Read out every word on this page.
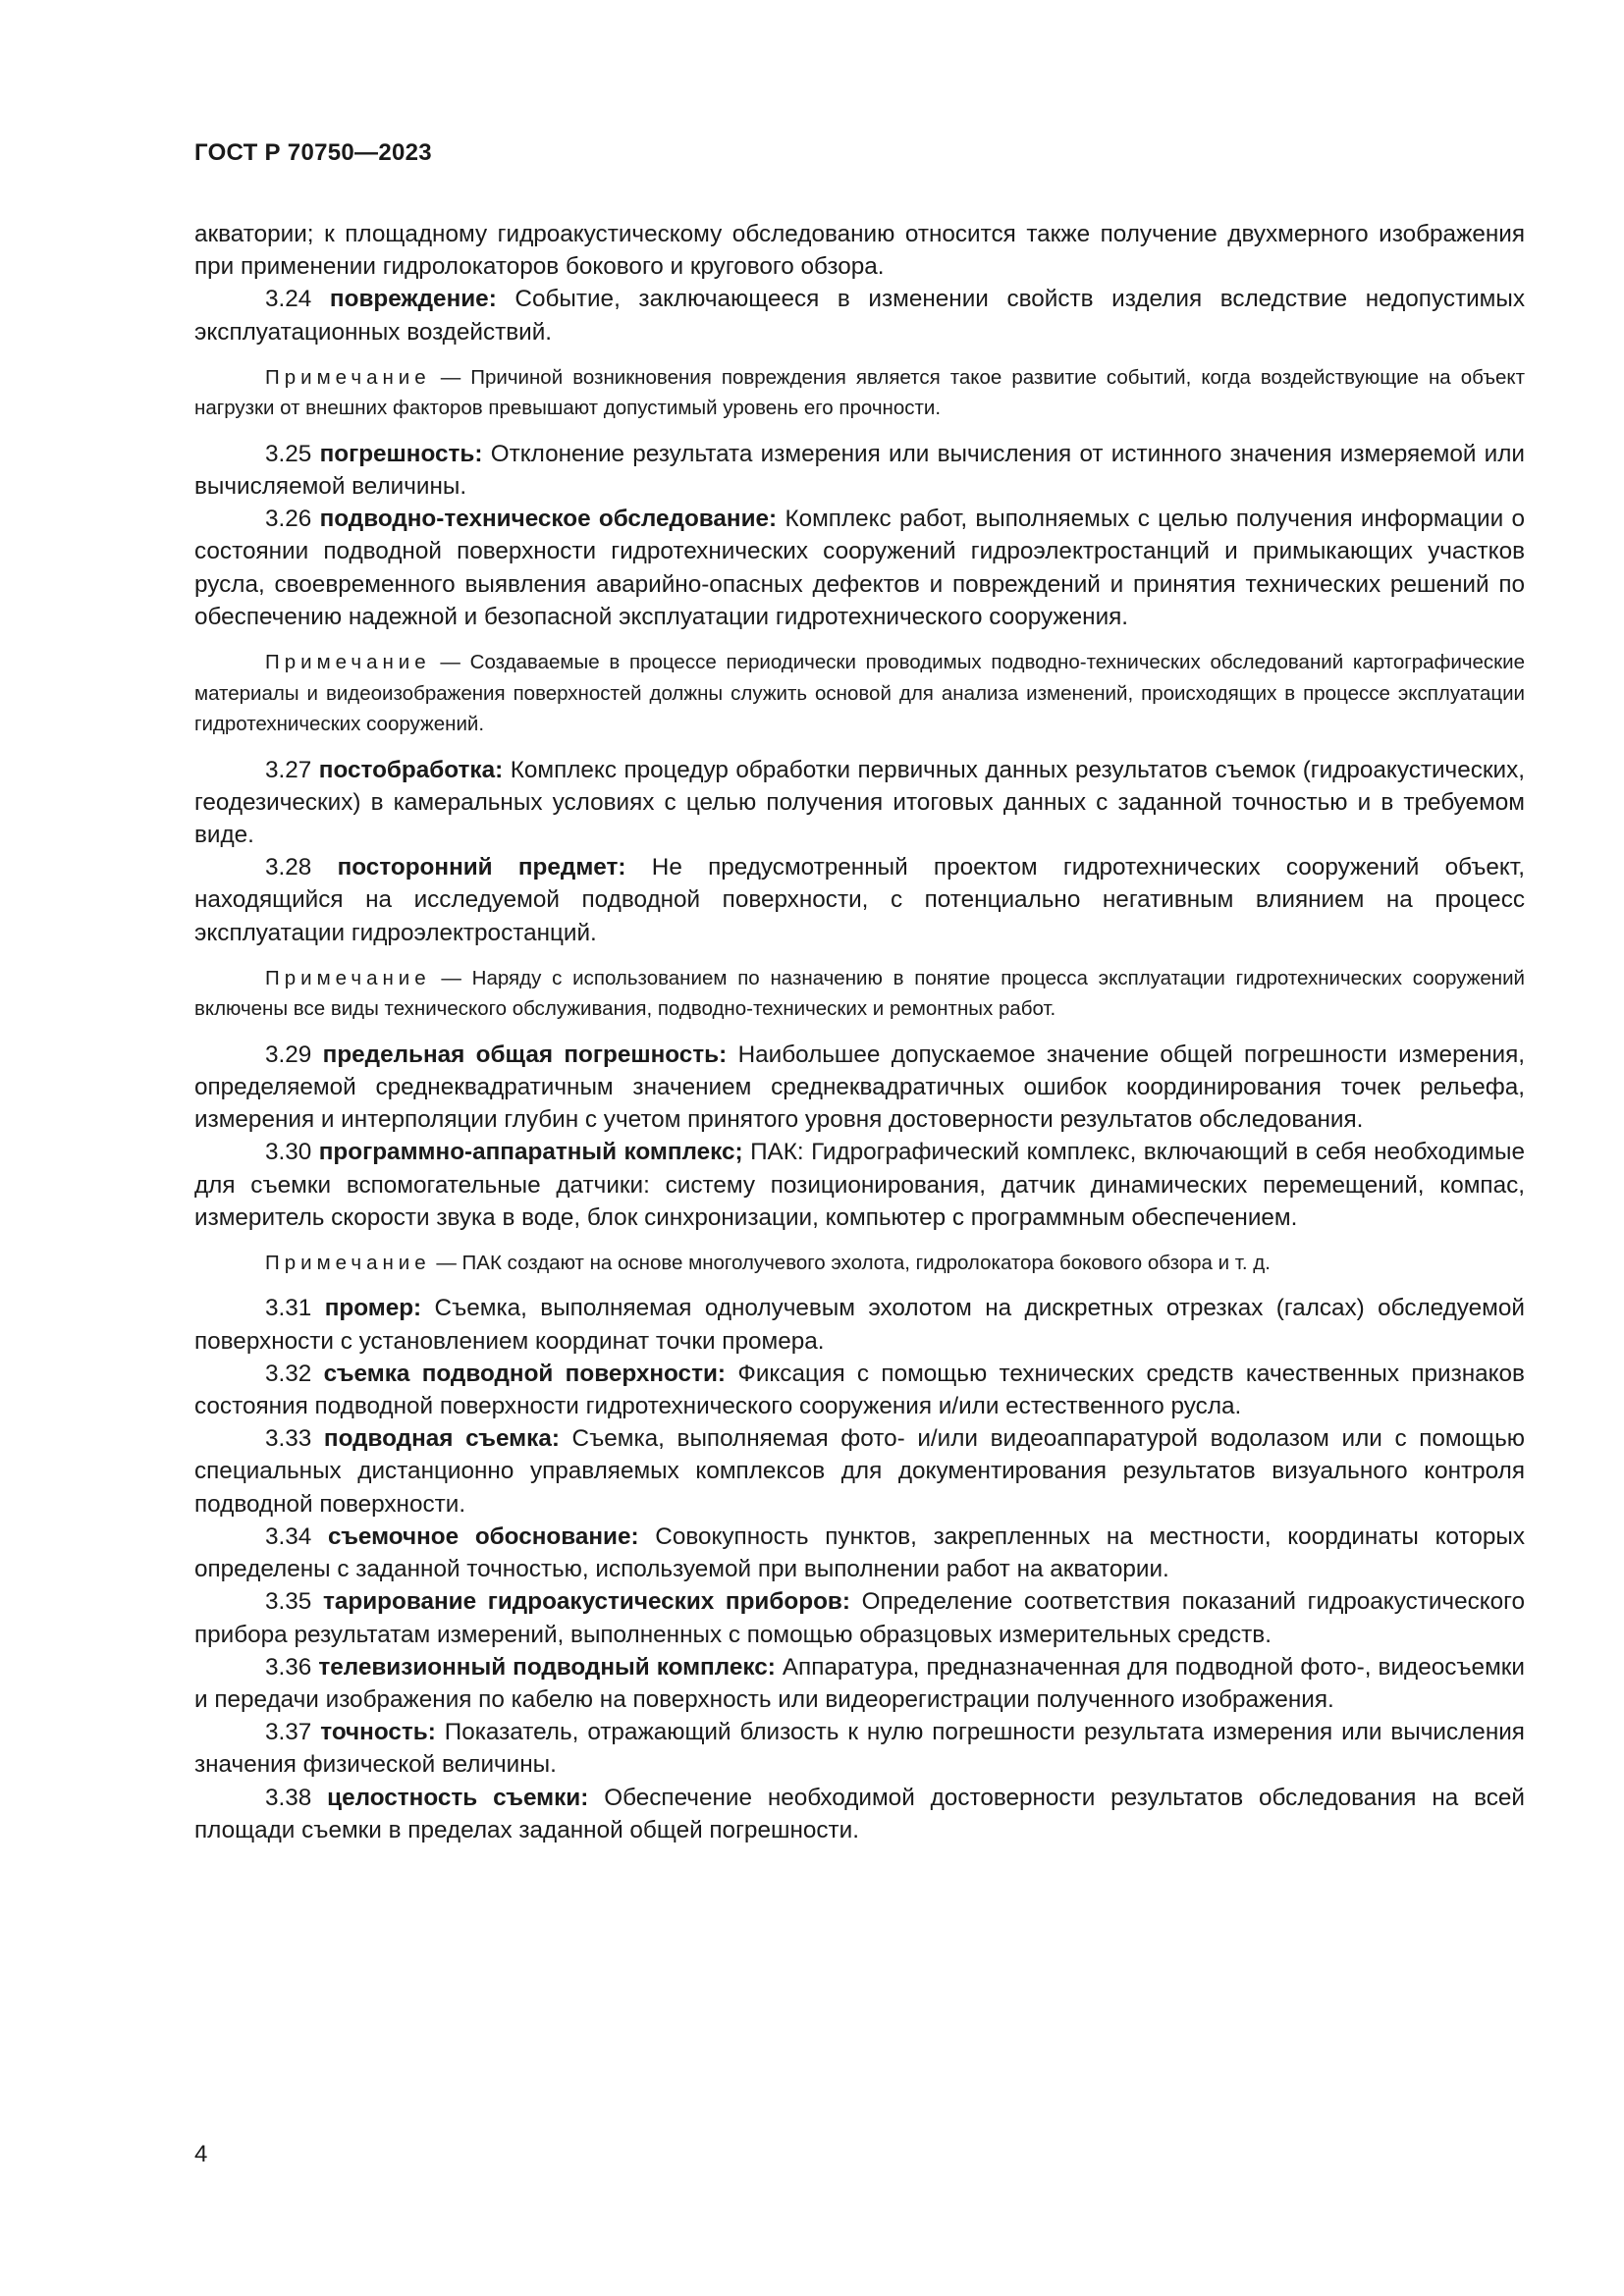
ГОСТ Р 70750—2023

акватории; к площадному гидроакустическому обследованию относится также получение двухмерного изображения при применении гидролокаторов бокового и кругового обзора.

3.24 повреждение: Событие, заключающееся в изменении свойств изделия вследствие недопустимых эксплуатационных воздействий.

Примечание — Причиной возникновения повреждения является такое развитие событий, когда воздействующие на объект нагрузки от внешних факторов превышают допустимый уровень его прочности.

3.25 погрешность: Отклонение результата измерения или вычисления от истинного значения измеряемой или вычисляемой величины.

3.26 подводно-техническое обследование: Комплекс работ, выполняемых с целью получения информации о состоянии подводной поверхности гидротехнических сооружений гидроэлектростанций и примыкающих участков русла, своевременного выявления аварийно-опасных дефектов и повреждений и принятия технических решений по обеспечению надежной и безопасной эксплуатации гидротехнического сооружения.

Примечание — Создаваемые в процессе периодически проводимых подводно-технических обследований картографические материалы и видеоизображения поверхностей должны служить основой для анализа изменений, происходящих в процессе эксплуатации гидротехнических сооружений.

3.27 постобработка: Комплекс процедур обработки первичных данных результатов съемок (гидроакустических, геодезических) в камеральных условиях с целью получения итоговых данных с заданной точностью и в требуемом виде.

3.28 посторонний предмет: Не предусмотренный проектом гидротехнических сооружений объект, находящийся на исследуемой подводной поверхности, с потенциально негативным влиянием на процесс эксплуатации гидроэлектростанций.

Примечание — Наряду с использованием по назначению в понятие процесса эксплуатации гидротехнических сооружений включены все виды технического обслуживания, подводно-технических и ремонтных работ.

3.29 предельная общая погрешность: Наибольшее допускаемое значение общей погрешности измерения, определяемой среднеквадратичным значением среднеквадратичных ошибок координирования точек рельефа, измерения и интерполяции глубин с учетом принятого уровня достоверности результатов обследования.

3.30 программно-аппаратный комплекс; ПАК: Гидрографический комплекс, включающий в себя необходимые для съемки вспомогательные датчики: систему позиционирования, датчик динамических перемещений, компас, измеритель скорости звука в воде, блок синхронизации, компьютер с программным обеспечением.

Примечание — ПАК создают на основе многолучевого эхолота, гидролокатора бокового обзора и т. д.

3.31 промер: Съемка, выполняемая однолучевым эхолотом на дискретных отрезках (галсах) обследуемой поверхности с установлением координат точки промера.

3.32 съемка подводной поверхности: Фиксация с помощью технических средств качественных признаков состояния подводной поверхности гидротехнического сооружения и/или естественного русла.

3.33 подводная съемка: Съемка, выполняемая фото- и/или видеоаппаратурой водолазом или с помощью специальных дистанционно управляемых комплексов для документирования результатов визуального контроля подводной поверхности.

3.34 съемочное обоснование: Совокупность пунктов, закрепленных на местности, координаты которых определены с заданной точностью, используемой при выполнении работ на акватории.

3.35 тарирование гидроакустических приборов: Определение соответствия показаний гидроакустического прибора результатам измерений, выполненных с помощью образцовых измерительных средств.

3.36 телевизионный подводный комплекс: Аппаратура, предназначенная для подводной фото-, видеосъемки и передачи изображения по кабелю на поверхность или видеорегистрации полученного изображения.

3.37 точность: Показатель, отражающий близость к нулю погрешности результата измерения или вычисления значения физической величины.

3.38 целостность съемки: Обеспечение необходимой достоверности результатов обследования на всей площади съемки в пределах заданной общей погрешности.

4
